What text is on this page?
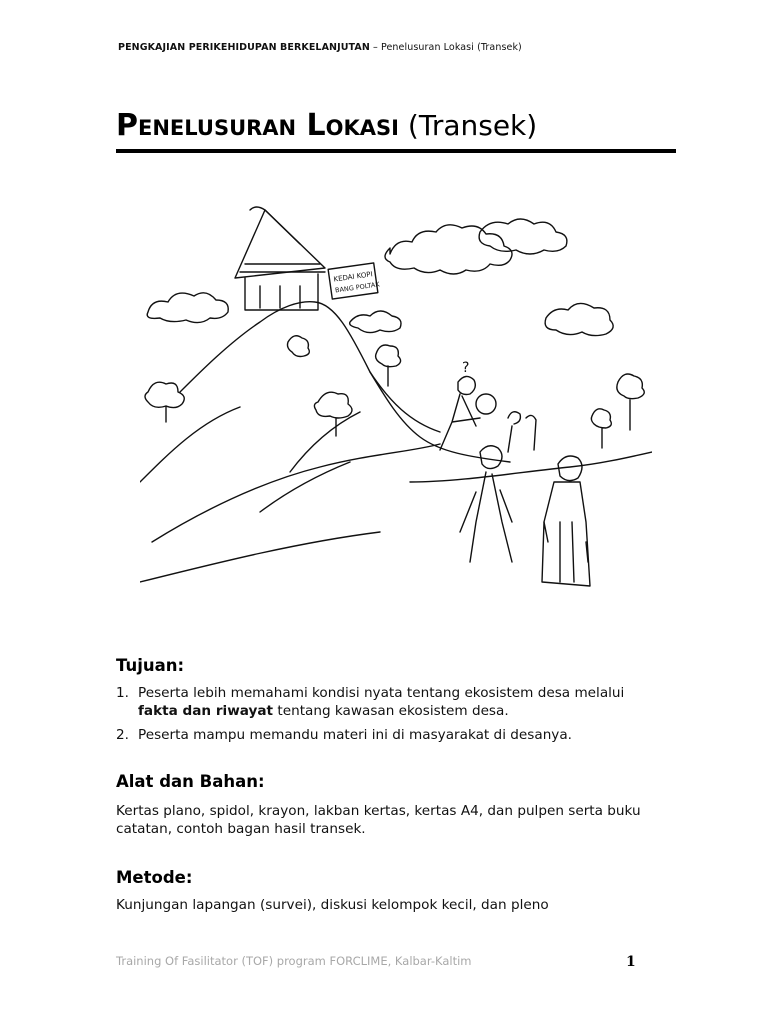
PENGKAJIAN PERIKEHIDUPAN BERKELANJUTAN – Penelusuran Lokasi (Transek)
Penelusuran Lokasi (Transek)
KEDAI KOPI
BANG POLTAK
?
Tujuan:
1. Peserta lebih memahami kondisi nyata tentang ekosistem desa melalui fakta dan riwayat tentang kawasan ekosistem desa.
2. Peserta mampu memandu materi ini di masyarakat di desanya.
Alat dan Bahan:

Kertas plano, spidol, krayon, lakban kertas, kertas A4, dan pulpen serta buku catatan, contoh bagan hasil transek.

Metode:

Kunjungan lapangan (survei), diskusi kelompok kecil, dan pleno

Training Of Fasilitator (TOF) program FORCLIME, Kalbar-Kaltim	1
